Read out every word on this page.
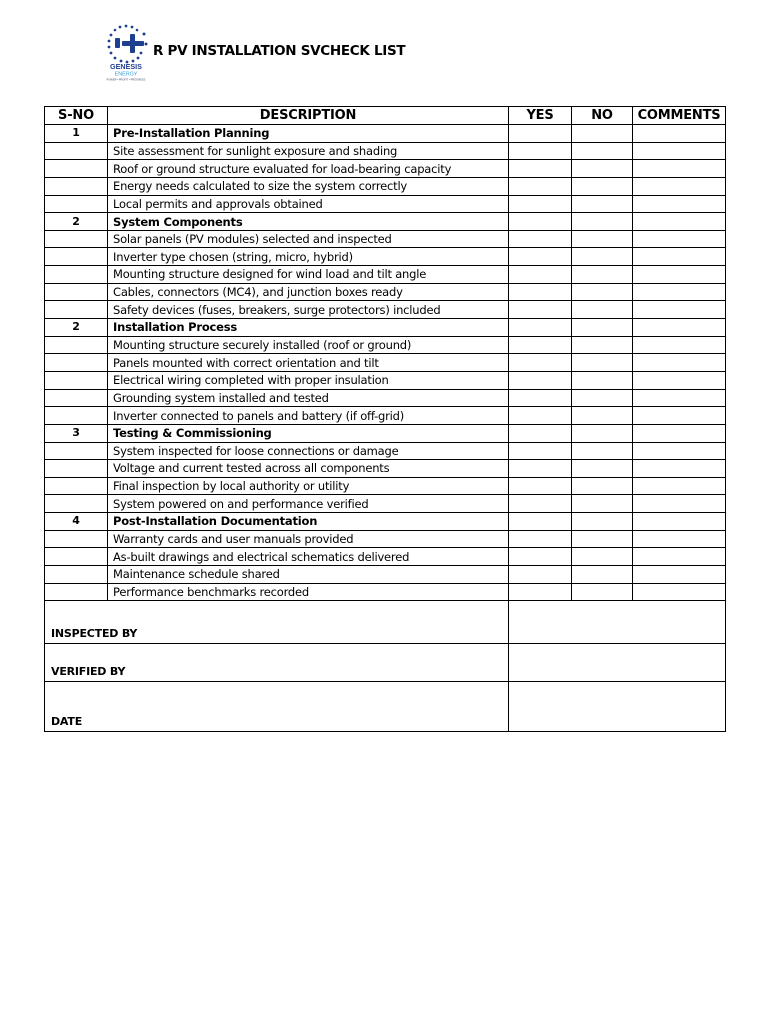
GENESIS
ENERGY
POWER • PROFIT • PROGRESS
R PV INSTALLATION SVCHECK LIST
S-NO	DESCRIPTION	YES	NO	COMMENTS
1	Pre-Installation Planning			
	Site assessment for sunlight exposure and shading			
	Roof or ground structure evaluated for load-bearing capacity			
	Energy needs calculated to size the system correctly			
	Local permits and approvals obtained			
2	System Components			
	Solar panels (PV modules) selected and inspected			
	Inverter type chosen (string, micro, hybrid)			
	Mounting structure designed for wind load and tilt angle			
	Cables, connectors (MC4), and junction boxes ready			
	Safety devices (fuses, breakers, surge protectors) included			
2	Installation Process			
	Mounting structure securely installed (roof or ground)			
	Panels mounted with correct orientation and tilt			
	Electrical wiring completed with proper insulation			
	Grounding system installed and tested			
	Inverter connected to panels and battery (if off-grid)			
3	Testing & Commissioning			
	System inspected for loose connections or damage			
	Voltage and current tested across all components			
	Final inspection by local authority or utility			
	System powered on and performance verified			
4	Post-Installation Documentation			
	Warranty cards and user manuals provided			
	As-built drawings and electrical schematics delivered			
	Maintenance schedule shared			
	Performance benchmarks recorded			
INSPECTED BY				
VERIFIED BY				
DATE				
